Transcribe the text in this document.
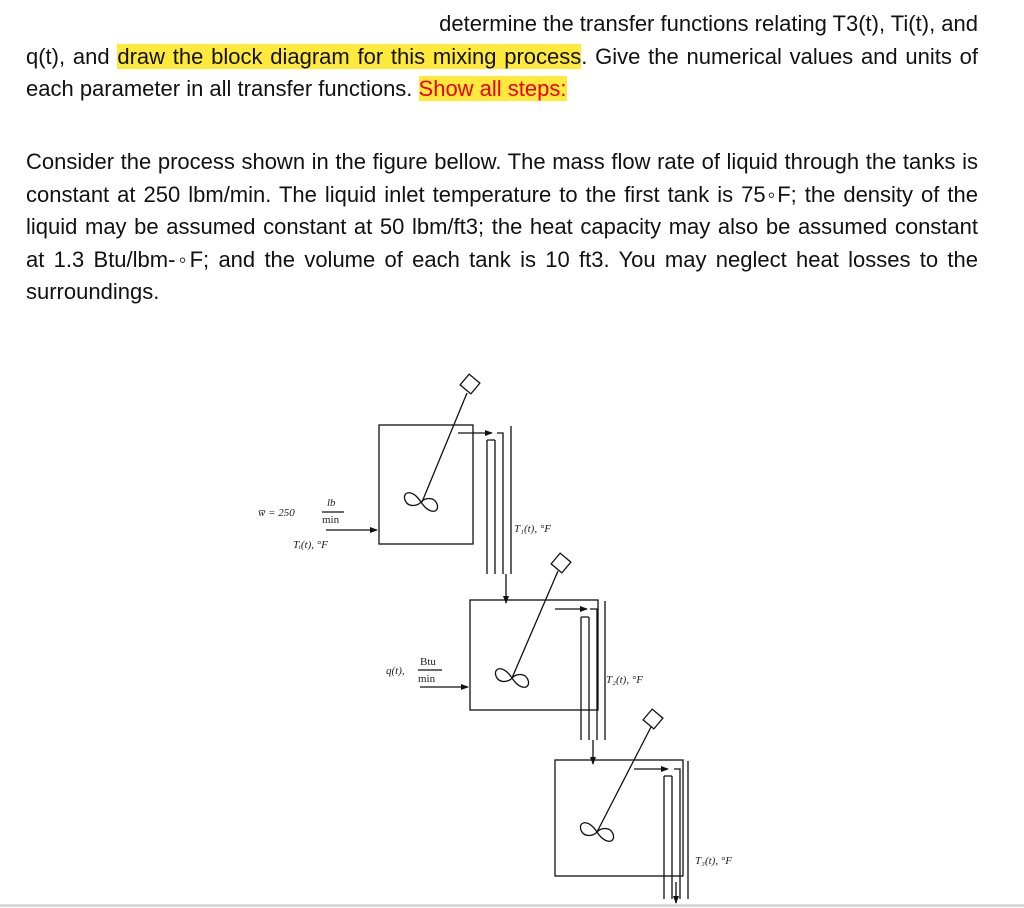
determine the transfer functions relating T3(t), Ti(t), and
q(t), and draw the block diagram for this mixing process. Give the numerical values and units of each parameter in all transfer functions. Show all steps:

Consider the process shown in the figure bellow. The mass flow rate of liquid through the tanks is constant at 250 lbm/min. The liquid inlet temperature to the first tank is 75◦F; the density of the liquid may be assumed constant at 50 lbm/ft3; the heat capacity may also be assumed constant at 1.3 Btu/lbm-◦F; and the volume of each tank is 10 ft3. You may neglect heat losses to the surroundings.

w̅ = 250
lb
min
Tᵢ(t), °F
q(t),
Btu
min
T₁(t), °F
T₂(t), °F
T₃(t), °F
